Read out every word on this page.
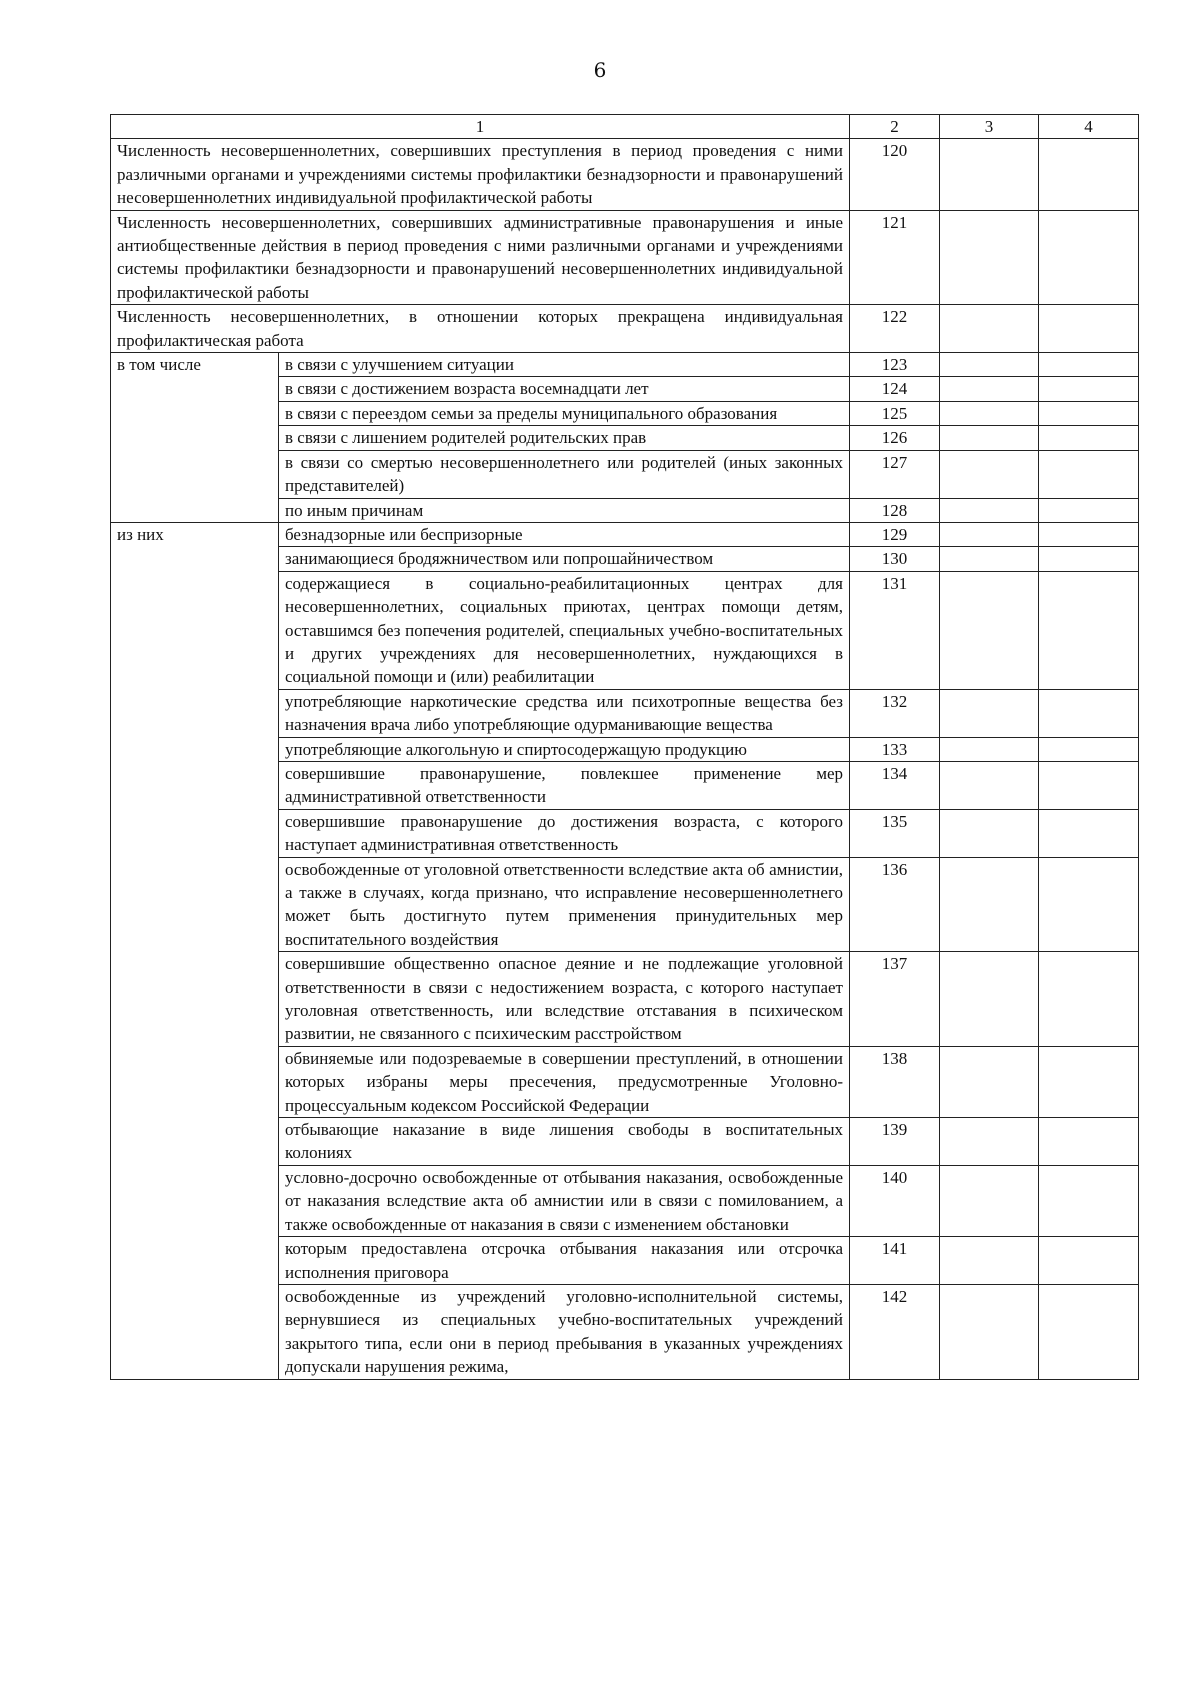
6
1		2	3	4
Численность несовершеннолетних, совершивших преступления в период проведения с ними различными органами и учреждениями системы профилактики безнадзорности и правонарушений несовершеннолетних индивидуальной профилактической работы		120		
Численность несовершеннолетних, совершивших административные правонарушения и иные антиобщественные действия в период проведения с ними различными органами и учреждениями системы профилактики безнадзорности и правонарушений несовершеннолетних индивидуальной профилактической работы		121		
Численность несовершеннолетних, в отношении которых прекращена индивидуальная профилактическая работа		122		
в том числе	в связи с улучшением ситуации	123		
	в связи с достижением возраста восемнадцати лет	124		
	в связи с переездом семьи за пределы муниципального образования	125		
	в связи с лишением родителей родительских прав	126		
	в связи со смертью несовершеннолетнего или родителей (иных законных представителей)	127		
	по иным причинам	128		
из них	безнадзорные или беспризорные	129		
	занимающиеся бродяжничеством или попрошайничеством	130		
	содержащиеся в социально-реабилитационных центрах для несовершеннолетних, социальных приютах, центрах помощи детям, оставшимся без попечения родителей, специальных учебно-воспитательных и других учреждениях для несовершеннолетних, нуждающихся в социальной помощи и (или) реабилитации	131		
	употребляющие наркотические средства или психотропные вещества без назначения врача либо употребляющие одурманивающие вещества	132		
	употребляющие алкогольную и спиртосодержащую продукцию	133		
	совершившие правонарушение, повлекшее применение мер административной ответственности	134		
	совершившие правонарушение до достижения возраста, с которого наступает административная ответственность	135		
	освобожденные от уголовной ответственности вследствие акта об амнистии, а также в случаях, когда признано, что исправление несовершеннолетнего может быть достигнуто путем применения принудительных мер воспитательного воздействия	136		
	совершившие общественно опасное деяние и не подлежащие уголовной ответственности в связи с недостижением возраста, с которого наступает уголовная ответственность, или вследствие отставания в психическом развитии, не связанного с психическим расстройством	137		
	обвиняемые или подозреваемые в совершении преступлений, в отношении которых избраны меры пресечения, предусмотренные Уголовно-процессуальным кодексом Российской Федерации	138		
	отбывающие наказание в виде лишения свободы в воспитательных колониях	139		
	условно-досрочно освобожденные от отбывания наказания, освобожденные от наказания вследствие акта об амнистии или в связи с помилованием, а также освобожденные от наказания в связи с изменением обстановки	140		
	которым предоставлена отсрочка отбывания наказания или отсрочка исполнения приговора	141		
	освобожденные из учреждений уголовно-исполнительной системы, вернувшиеся из специальных учебно-воспитательных учреждений закрытого типа, если они в период пребывания в указанных учреждениях допускали нарушения режима,	142		
